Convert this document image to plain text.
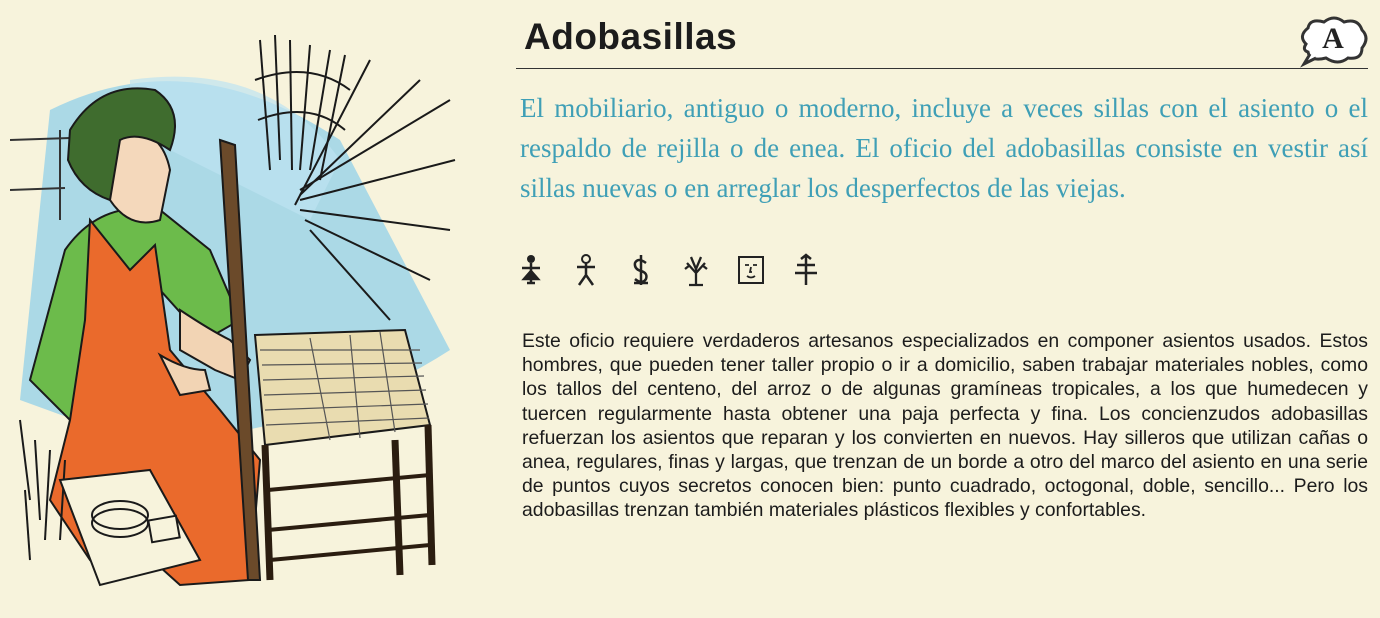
Adobasillas	A

El mobiliario, antiguo o moderno, incluye a veces sillas con el asiento o el respaldo de rejilla o de enea. El oficio del adobasillas consiste en vestir así sillas nuevas o en arreglar los desperfectos de las viejas.

Este oficio requiere verdaderos artesanos especializados en componer asientos usados. Estos hombres, que pueden tener taller propio o ir a domicilio, saben trabajar materiales nobles, como los tallos del centeno, del arroz o de algunas gramíneas tropicales, a los que humedecen y tuercen regularmente hasta obtener una paja perfecta y fina. Los concienzudos adobasillas refuerzan los asientos que reparan y los convierten en nuevos. Hay silleros que utilizan cañas o anea, regulares, finas y largas, que trenzan de un borde a otro del marco del asiento en una serie de puntos cuyos secretos conocen bien: punto cuadrado, octogonal, doble, sencillo... Pero los adobasillas trenzan también materiales plásticos flexibles y confortables.
